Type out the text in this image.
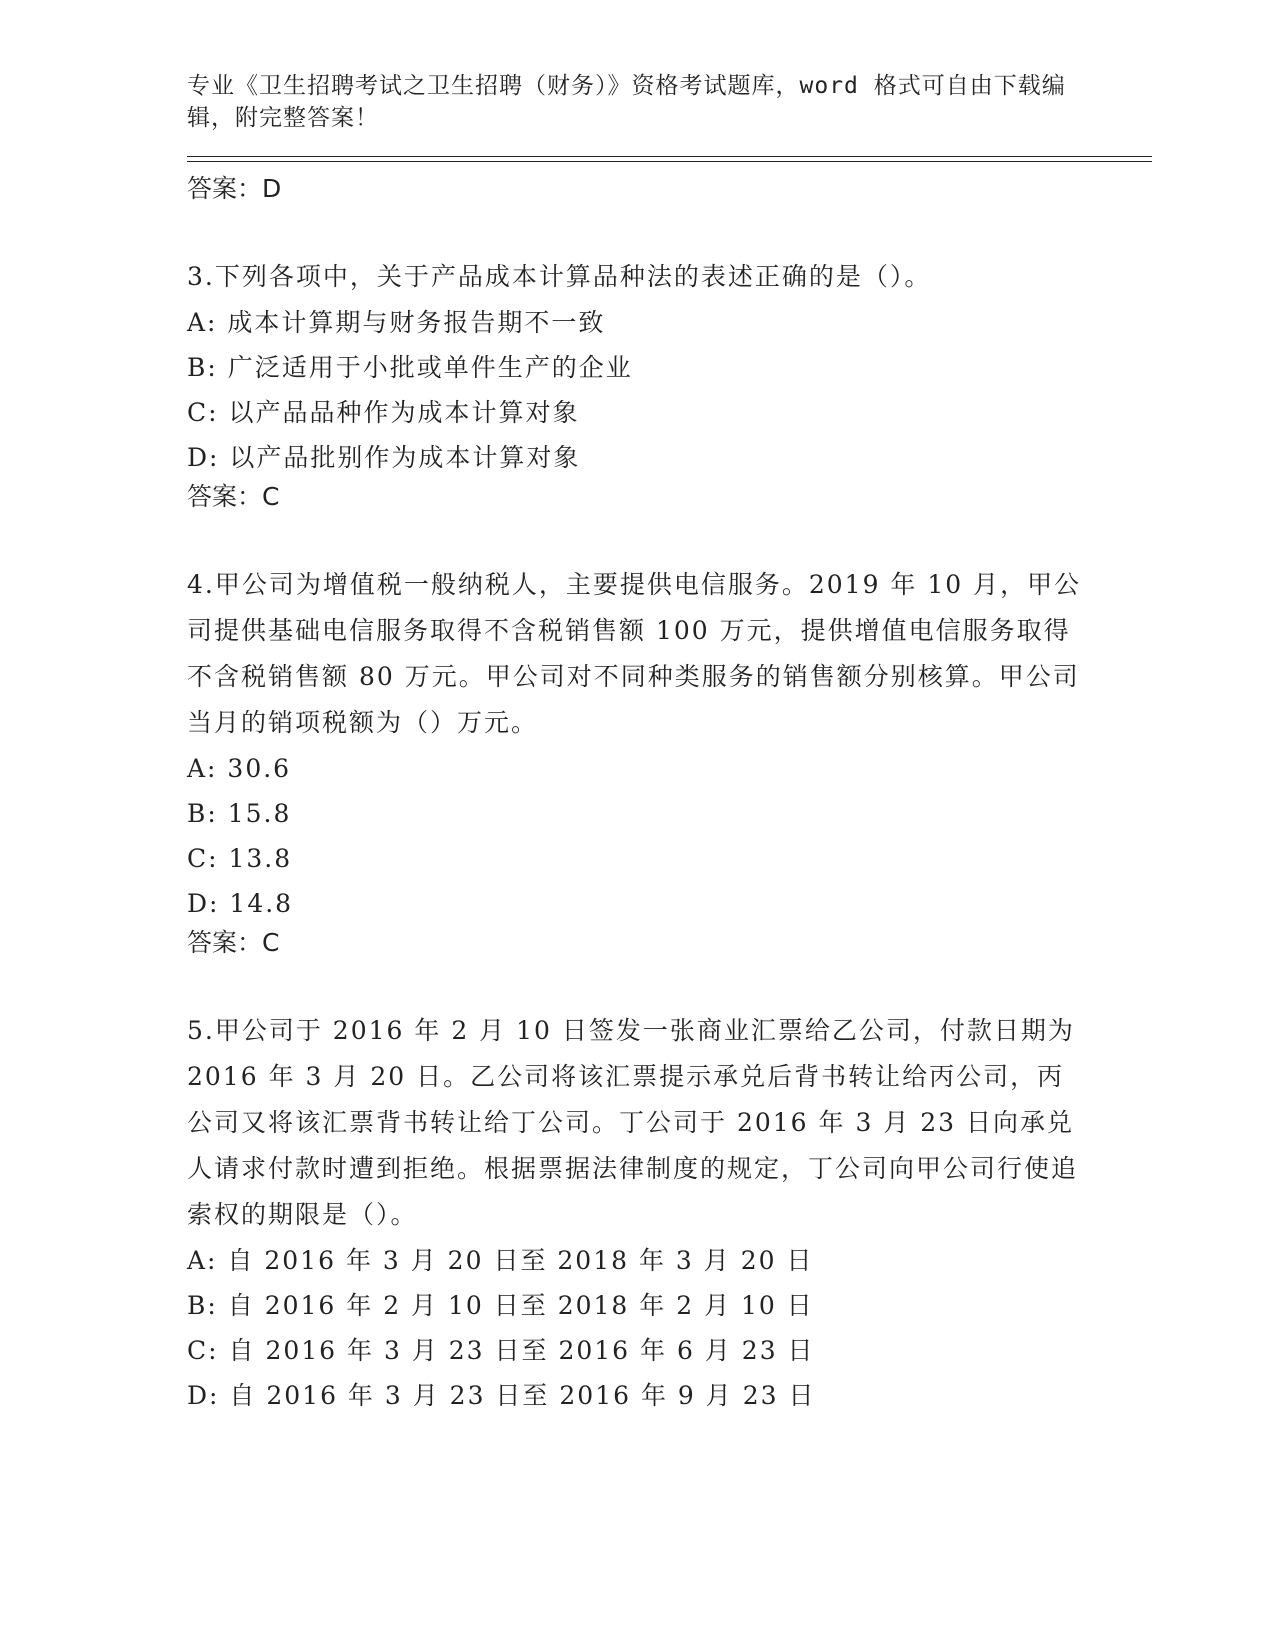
专业《卫生招聘考试之卫生招聘（财务）》资格考试题库，word 格式可自由下载编辑，附完整答案！

答案：D

3.下列各项中，关于产品成本计算品种法的表述正确的是（）。

A: 成本计算期与财务报告期不一致

B: 广泛适用于小批或单件生产的企业

C: 以产品品种作为成本计算对象

D: 以产品批别作为成本计算对象

答案：C

4.甲公司为增值税一般纳税人，主要提供电信服务。2019 年 10 月，甲公司提供基础电信服务取得不含税销售额 100 万元，提供增值电信服务取得不含税销售额 80 万元。甲公司对不同种类服务的销售额分别核算。甲公司当月的销项税额为（）万元。

A: 30.6

B: 15.8

C: 13.8

D: 14.8

答案：C

5.甲公司于 2016 年 2 月 10 日签发一张商业汇票给乙公司，付款日期为 2016 年 3 月 20 日。乙公司将该汇票提示承兑后背书转让给丙公司，丙公司又将该汇票背书转让给丁公司。丁公司于 2016 年 3 月 23 日向承兑人请求付款时遭到拒绝。根据票据法律制度的规定，丁公司向甲公司行使追索权的期限是（）。

A: 自 2016 年 3 月 20 日至 2018 年 3 月 20 日

B: 自 2016 年 2 月 10 日至 2018 年 2 月 10 日

C: 自 2016 年 3 月 23 日至 2016 年 6 月 23 日

D: 自 2016 年 3 月 23 日至 2016 年 9 月 23 日
